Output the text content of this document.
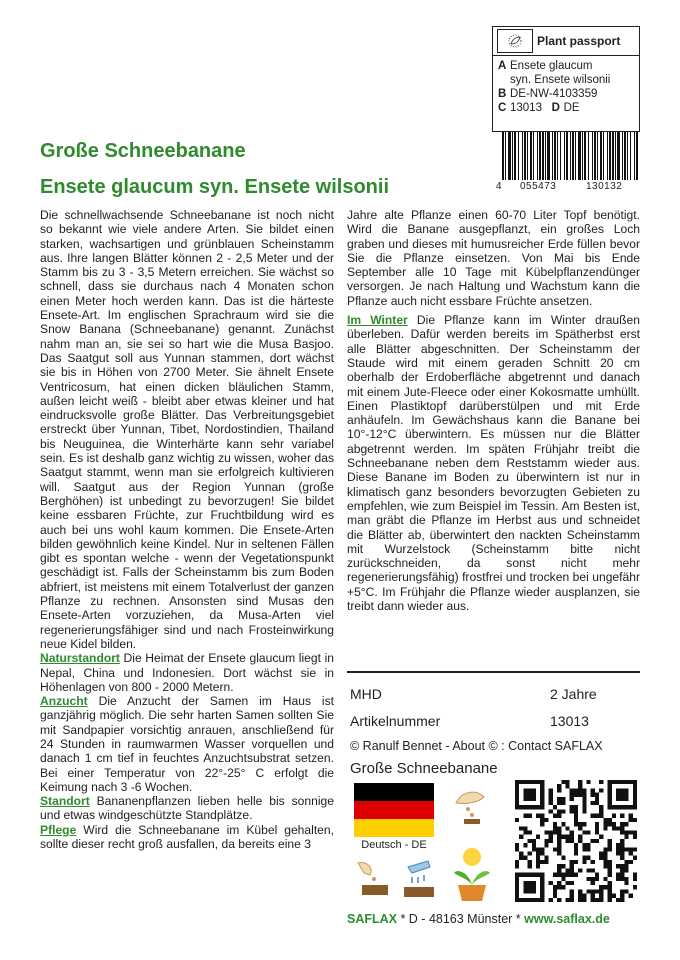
Plant passport
A Ensete glaucum
syn. Ensete wilsonii
B DE-NW-4103359
C 13013 D DE
4 055473	130132
Große Schneebanane
Ensete glaucum syn. Ensete wilsonii

Die schnellwachsende Schneebanane ist noch nicht so bekannt wie viele andere Arten. Sie bildet einen starken, wachsartigen und grünblauen Scheinstamm aus. Ihre langen Blätter können 2 - 2,5 Meter und der Stamm bis zu 3 - 3,5 Metern erreichen. Sie wächst so schnell, dass sie durchaus nach 4 Monaten schon einen Meter hoch werden kann. Das ist die härteste Ensete-Art. Im englischen Sprachraum wird sie die Snow Banana (Schneebanane) genannt. Zunächst nahm man an, sie sei so hart wie die Musa Basjoo. Das Saatgut soll aus Yunnan stammen, dort wächst sie bis in Höhen von 2700 Meter. Sie ähnelt Ensete Ventricosum, hat einen dicken bläulichen Stamm, außen leicht weiß - bleibt aber etwas kleiner und hat eindrucksvolle große Blätter. Das Verbreitungsgebiet erstreckt über Yunnan, Tibet, Nordostindien, Thailand bis Neuguinea, die Winterhärte kann sehr variabel sein. Es ist deshalb ganz wichtig zu wissen, woher das Saatgut stammt, wenn man sie erfolgreich kultivieren will. Saatgut aus der Region Yunnan (große Berghöhen) ist unbedingt zu bevorzugen! Sie bildet keine essbaren Früchte, zur Fruchtbildung wird es auch bei uns wohl kaum kommen. Die Ensete-Arten bilden gewöhnlich keine Kindel. Nur in seltenen Fällen gibt es spontan welche - wenn der Vegetationspunkt geschädigt ist. Falls der Scheinstamm bis zum Boden abfriert, ist meistens mit einem Totalverlust der ganzen Pflanze zu rechnen. Ansonsten sind Musas den Ensete-Arten vorzuziehen, da Musa-Arten viel regenerierungsfähiger sind und nach Frosteinwirkung neue Kidel bilden.

Naturstandort Die Heimat der Ensete glaucum liegt in Nepal, China und Indonesien. Dort wächst sie in Höhenlagen von 800 - 2000 Metern.

Anzucht Die Anzucht der Samen im Haus ist ganzjährig möglich. Die sehr harten Samen sollten Sie mit Sandpapier vorsichtig anrauen, anschließend für 24 Stunden in raumwarmen Wasser vorquellen und danach 1 cm tief in feuchtes Anzuchtsubstrat setzen. Bei einer Temperatur von 22°-25° C erfolgt die Keimung nach 3 -6 Wochen.

Standort Bananenpflanzen lieben helle bis sonnige und etwas windgeschützte Standplätze.

Pflege Wird die Schneebanane im Kübel gehalten, sollte dieser recht groß ausfallen, da bereits eine 3

Jahre alte Pflanze einen 60-70 Liter Topf benötigt. Wird die Banane ausgepflanzt, ein großes Loch graben und dieses mit humusreicher Erde füllen bevor Sie die Pflanze einsetzen. Von Mai bis Ende September alle 10 Tage mit Kübelpflanzendünger versorgen. Je nach Haltung und Wachstum kann die Pflanze auch nicht essbare Früchte ansetzen.

Im Winter Die Pflanze kann im Winter draußen überleben. Dafür werden bereits im Spätherbst erst alle Blätter abgeschnitten. Der Scheinstamm der Staude wird mit einem geraden Schnitt 20 cm oberhalb der Erdoberfläche abgetrennt und danach mit einem Jute-Fleece oder einer Kokosmatte umhüllt. Einen Plastiktopf darüberstülpen und mit Erde anhäufeln. Im Gewächshaus kann die Banane bei 10°-12°C überwintern. Es müssen nur die Blätter abgetrennt werden. Im späten Frühjahr treibt die Schneebanane neben dem Reststamm wieder aus. Diese Banane im Boden zu überwintern ist nur in klimatisch ganz besonders bevorzugten Gebieten zu empfehlen, wie zum Beispiel im Tessin. Am Besten ist, man gräbt die Pflanze im Herbst aus und schneidet die Blätter ab, überwintert den nackten Scheinstamm mit Wurzelstock (Scheinstamm bitte nicht zurückschneiden, da sonst nicht mehr regenerierungsfähig) frostfrei und trocken bei ungefähr +5°C. Im Frühjahr die Pflanze wieder ausplanzen, sie treibt dann wieder aus.

MHD	2 Jahre
Artikelnummer	13013
© Ranulf Bennet - About © : Contact SAFLAX
Große Schneebanane
Deutsch - DE
SAFLAX * D - 48163 Münster * www.saflax.de
